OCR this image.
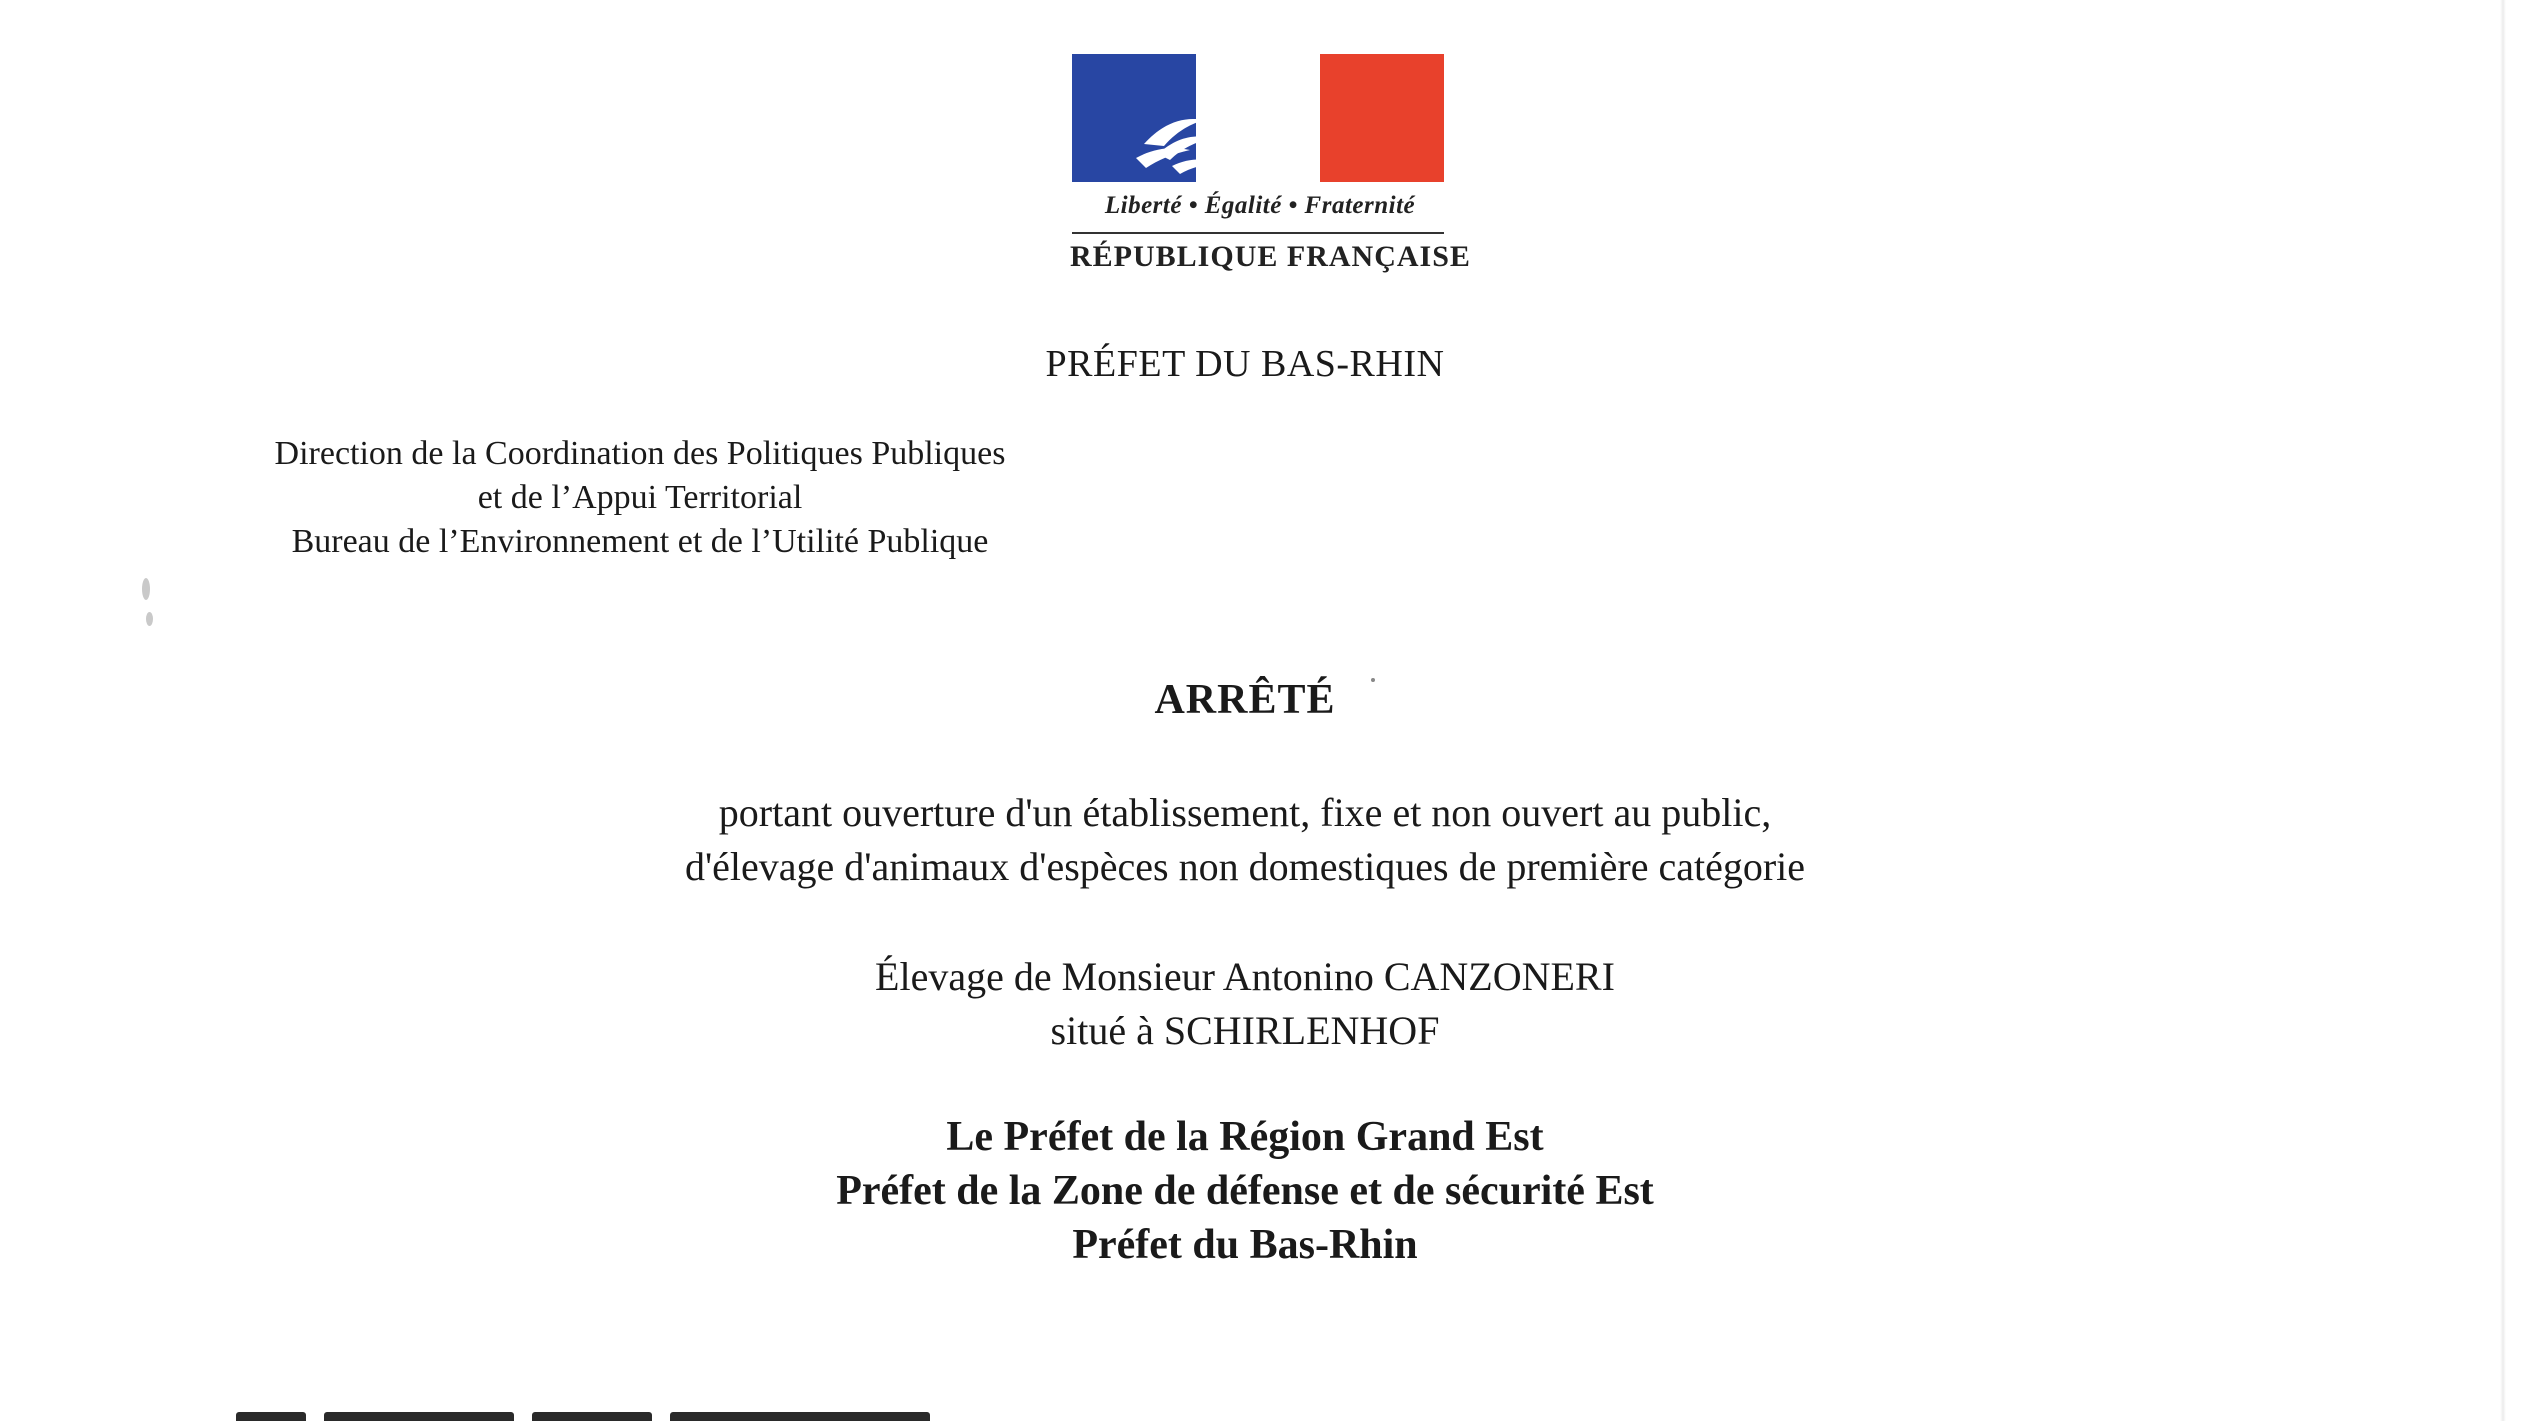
Liberté • Égalité • Fraternité
RÉPUBLIQUE FRANÇAISE
PRÉFET DU BAS-RHIN
Direction de la Coordination des Politiques Publiques
et de l’Appui Territorial
Bureau de l’Environnement et de l’Utilité Publique
ARRÊTÉ
portant ouverture d'un établissement, fixe et non ouvert au public,
d'élevage d'animaux d'espèces non domestiques de première catégorie
Élevage de Monsieur Antonino CANZONERI
situé à SCHIRLENHOF
Le Préfet de la Région Grand Est
Préfet de la Zone de défense et de sécurité Est
Préfet du Bas-Rhin
